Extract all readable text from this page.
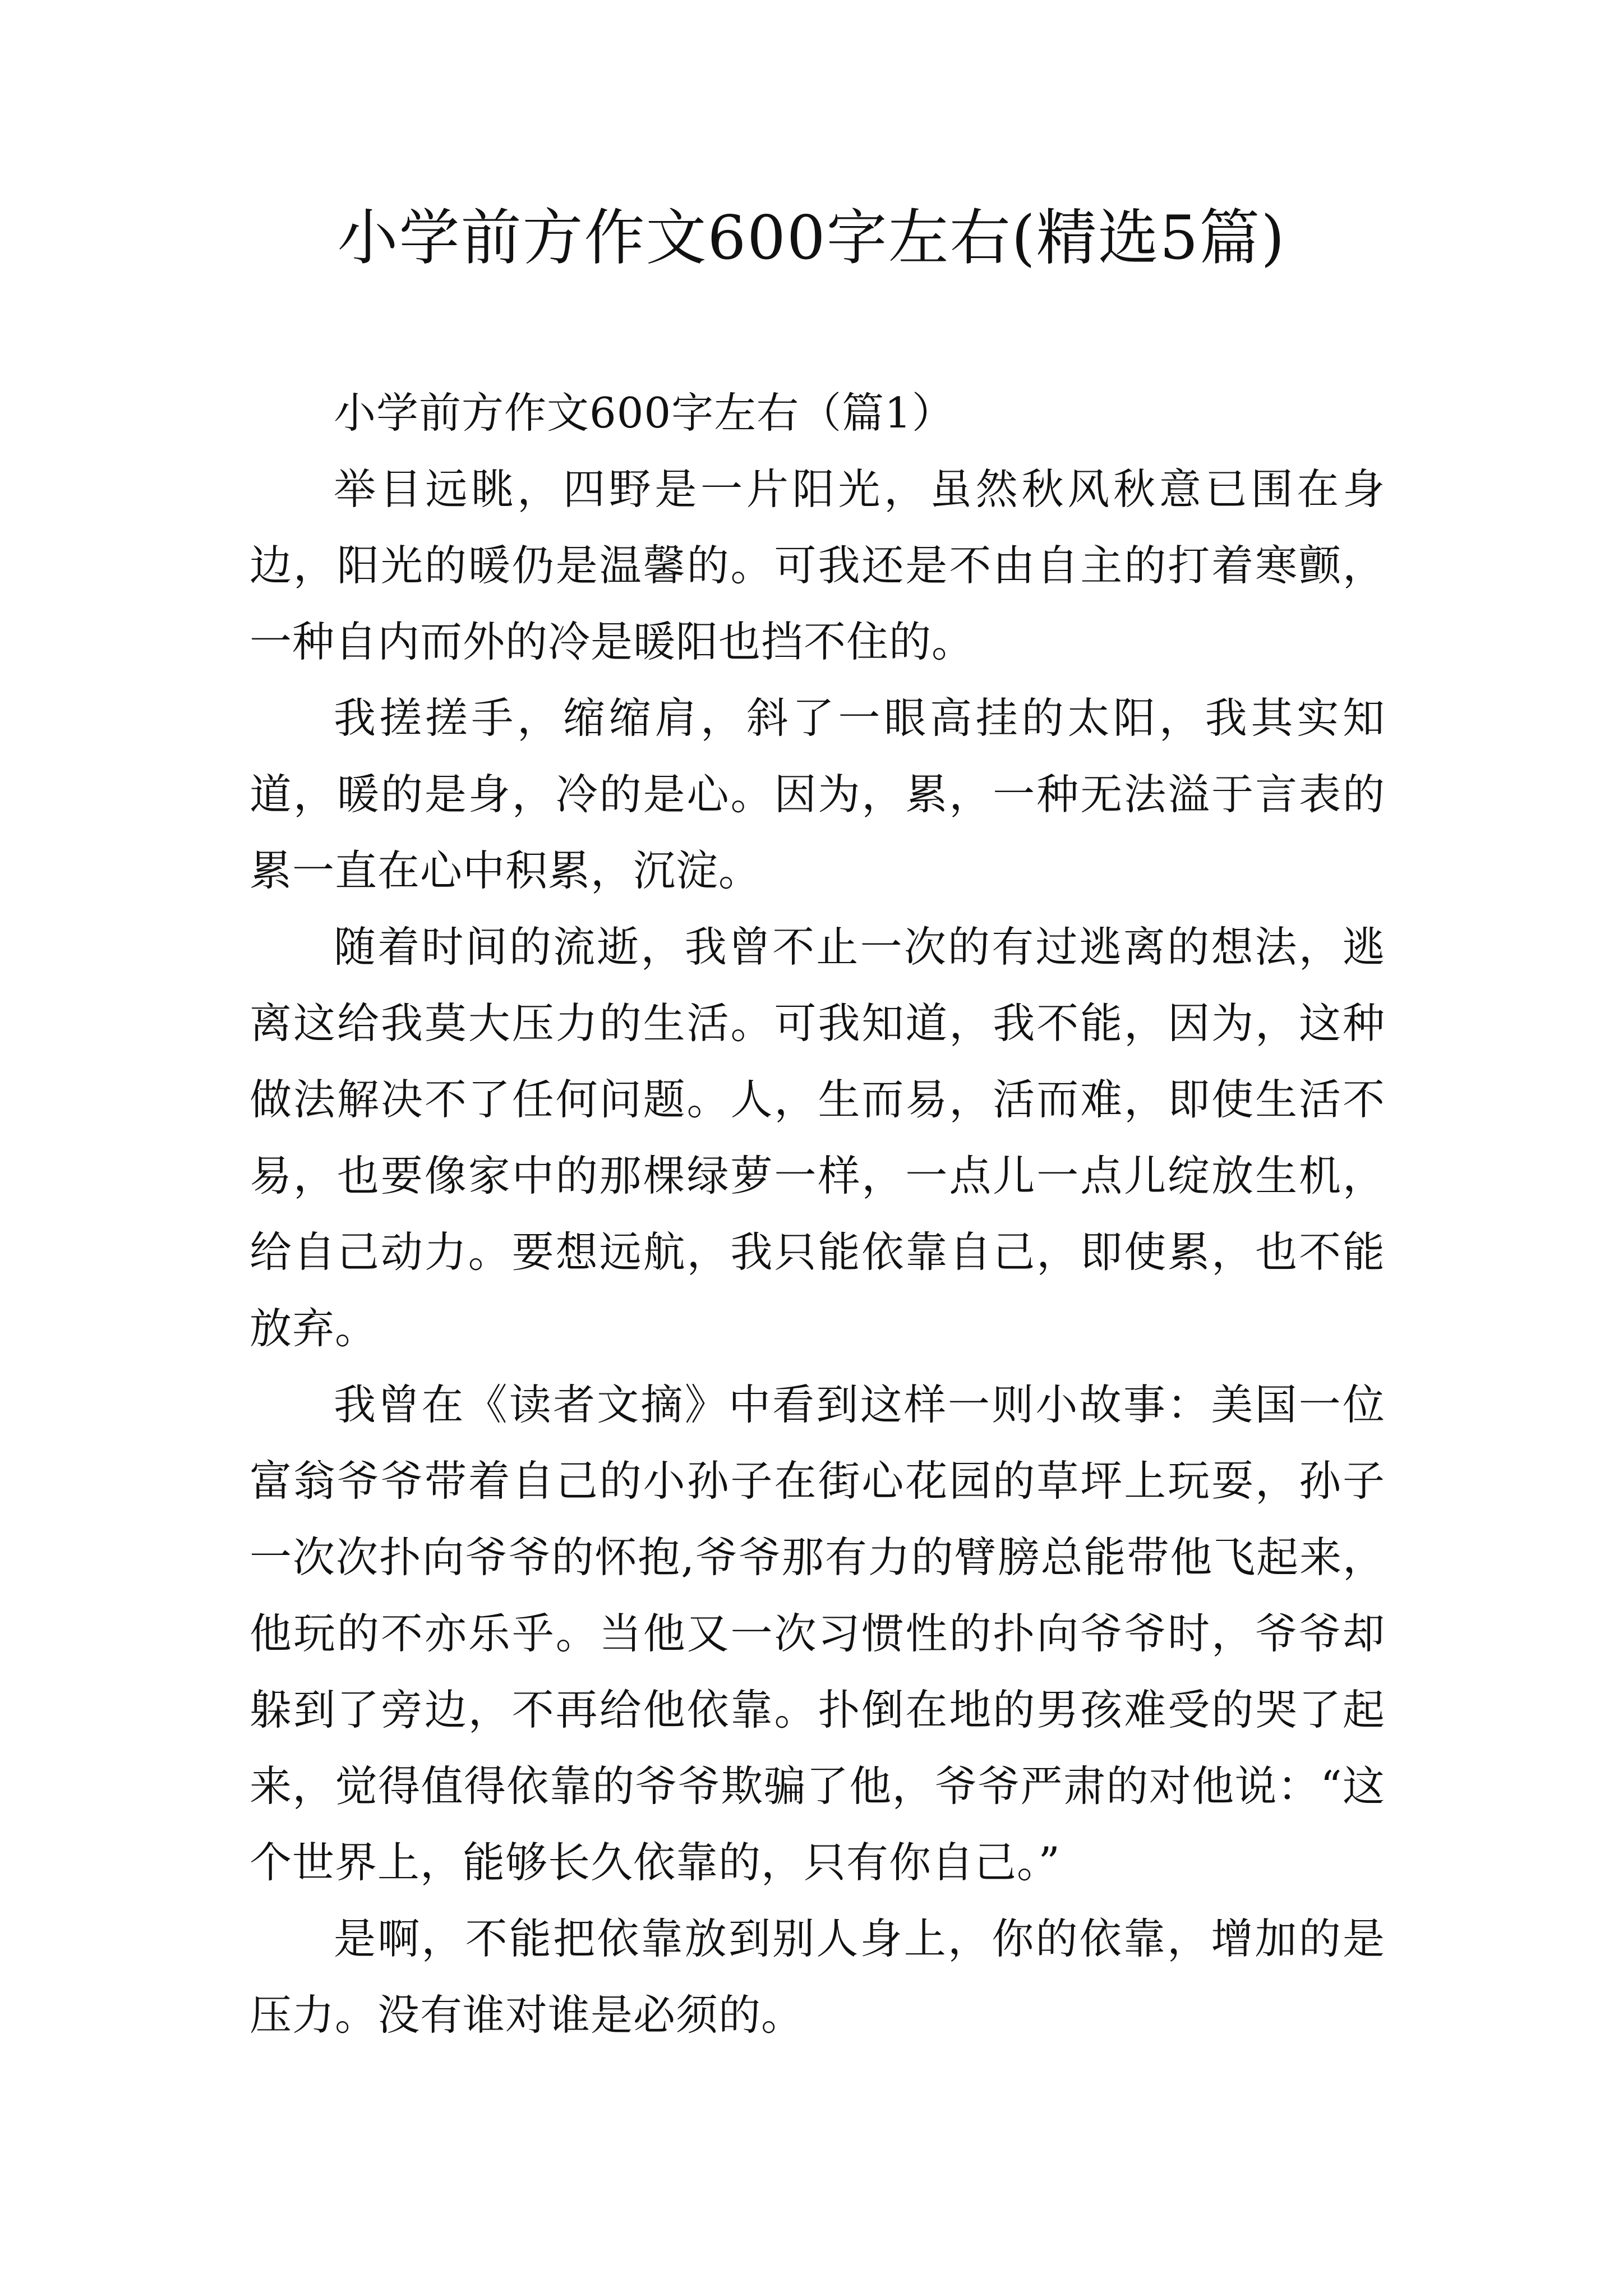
小学前方作文600字左右(精选5篇)

小学前方作文600字左右（篇1）

举目远眺，四野是一片阳光，虽然秋风秋意已围在身边，阳光的暖仍是温馨的。可我还是不由自主的打着寒颤，一种自内而外的冷是暖阳也挡不住的。

我搓搓手，缩缩肩，斜了一眼高挂的太阳，我其实知道，暖的是身，冷的是心。因为，累，一种无法溢于言表的累一直在心中积累，沉淀。

随着时间的流逝，我曾不止一次的有过逃离的想法，逃离这给我莫大压力的生活。可我知道，我不能，因为，这种做法解决不了任何问题。人，生而易，活而难，即使生活不易，也要像家中的那棵绿萝一样，一点儿一点儿绽放生机，给自己动力。要想远航，我只能依靠自己，即使累，也不能放弃。

我曾在《读者文摘》中看到这样一则小故事：美国一位富翁爷爷带着自己的小孙子在街心花园的草坪上玩耍，孙子一次次扑向爷爷的怀抱,爷爷那有力的臂膀总能带他飞起来，他玩的不亦乐乎。当他又一次习惯性的扑向爷爷时，爷爷却躲到了旁边，不再给他依靠。扑倒在地的男孩难受的哭了起来，觉得值得依靠的爷爷欺骗了他，爷爷严肃的对他说：“这个世界上，能够长久依靠的，只有你自己。”

是啊，不能把依靠放到别人身上，你的依靠，增加的是压力。没有谁对谁是必须的。
